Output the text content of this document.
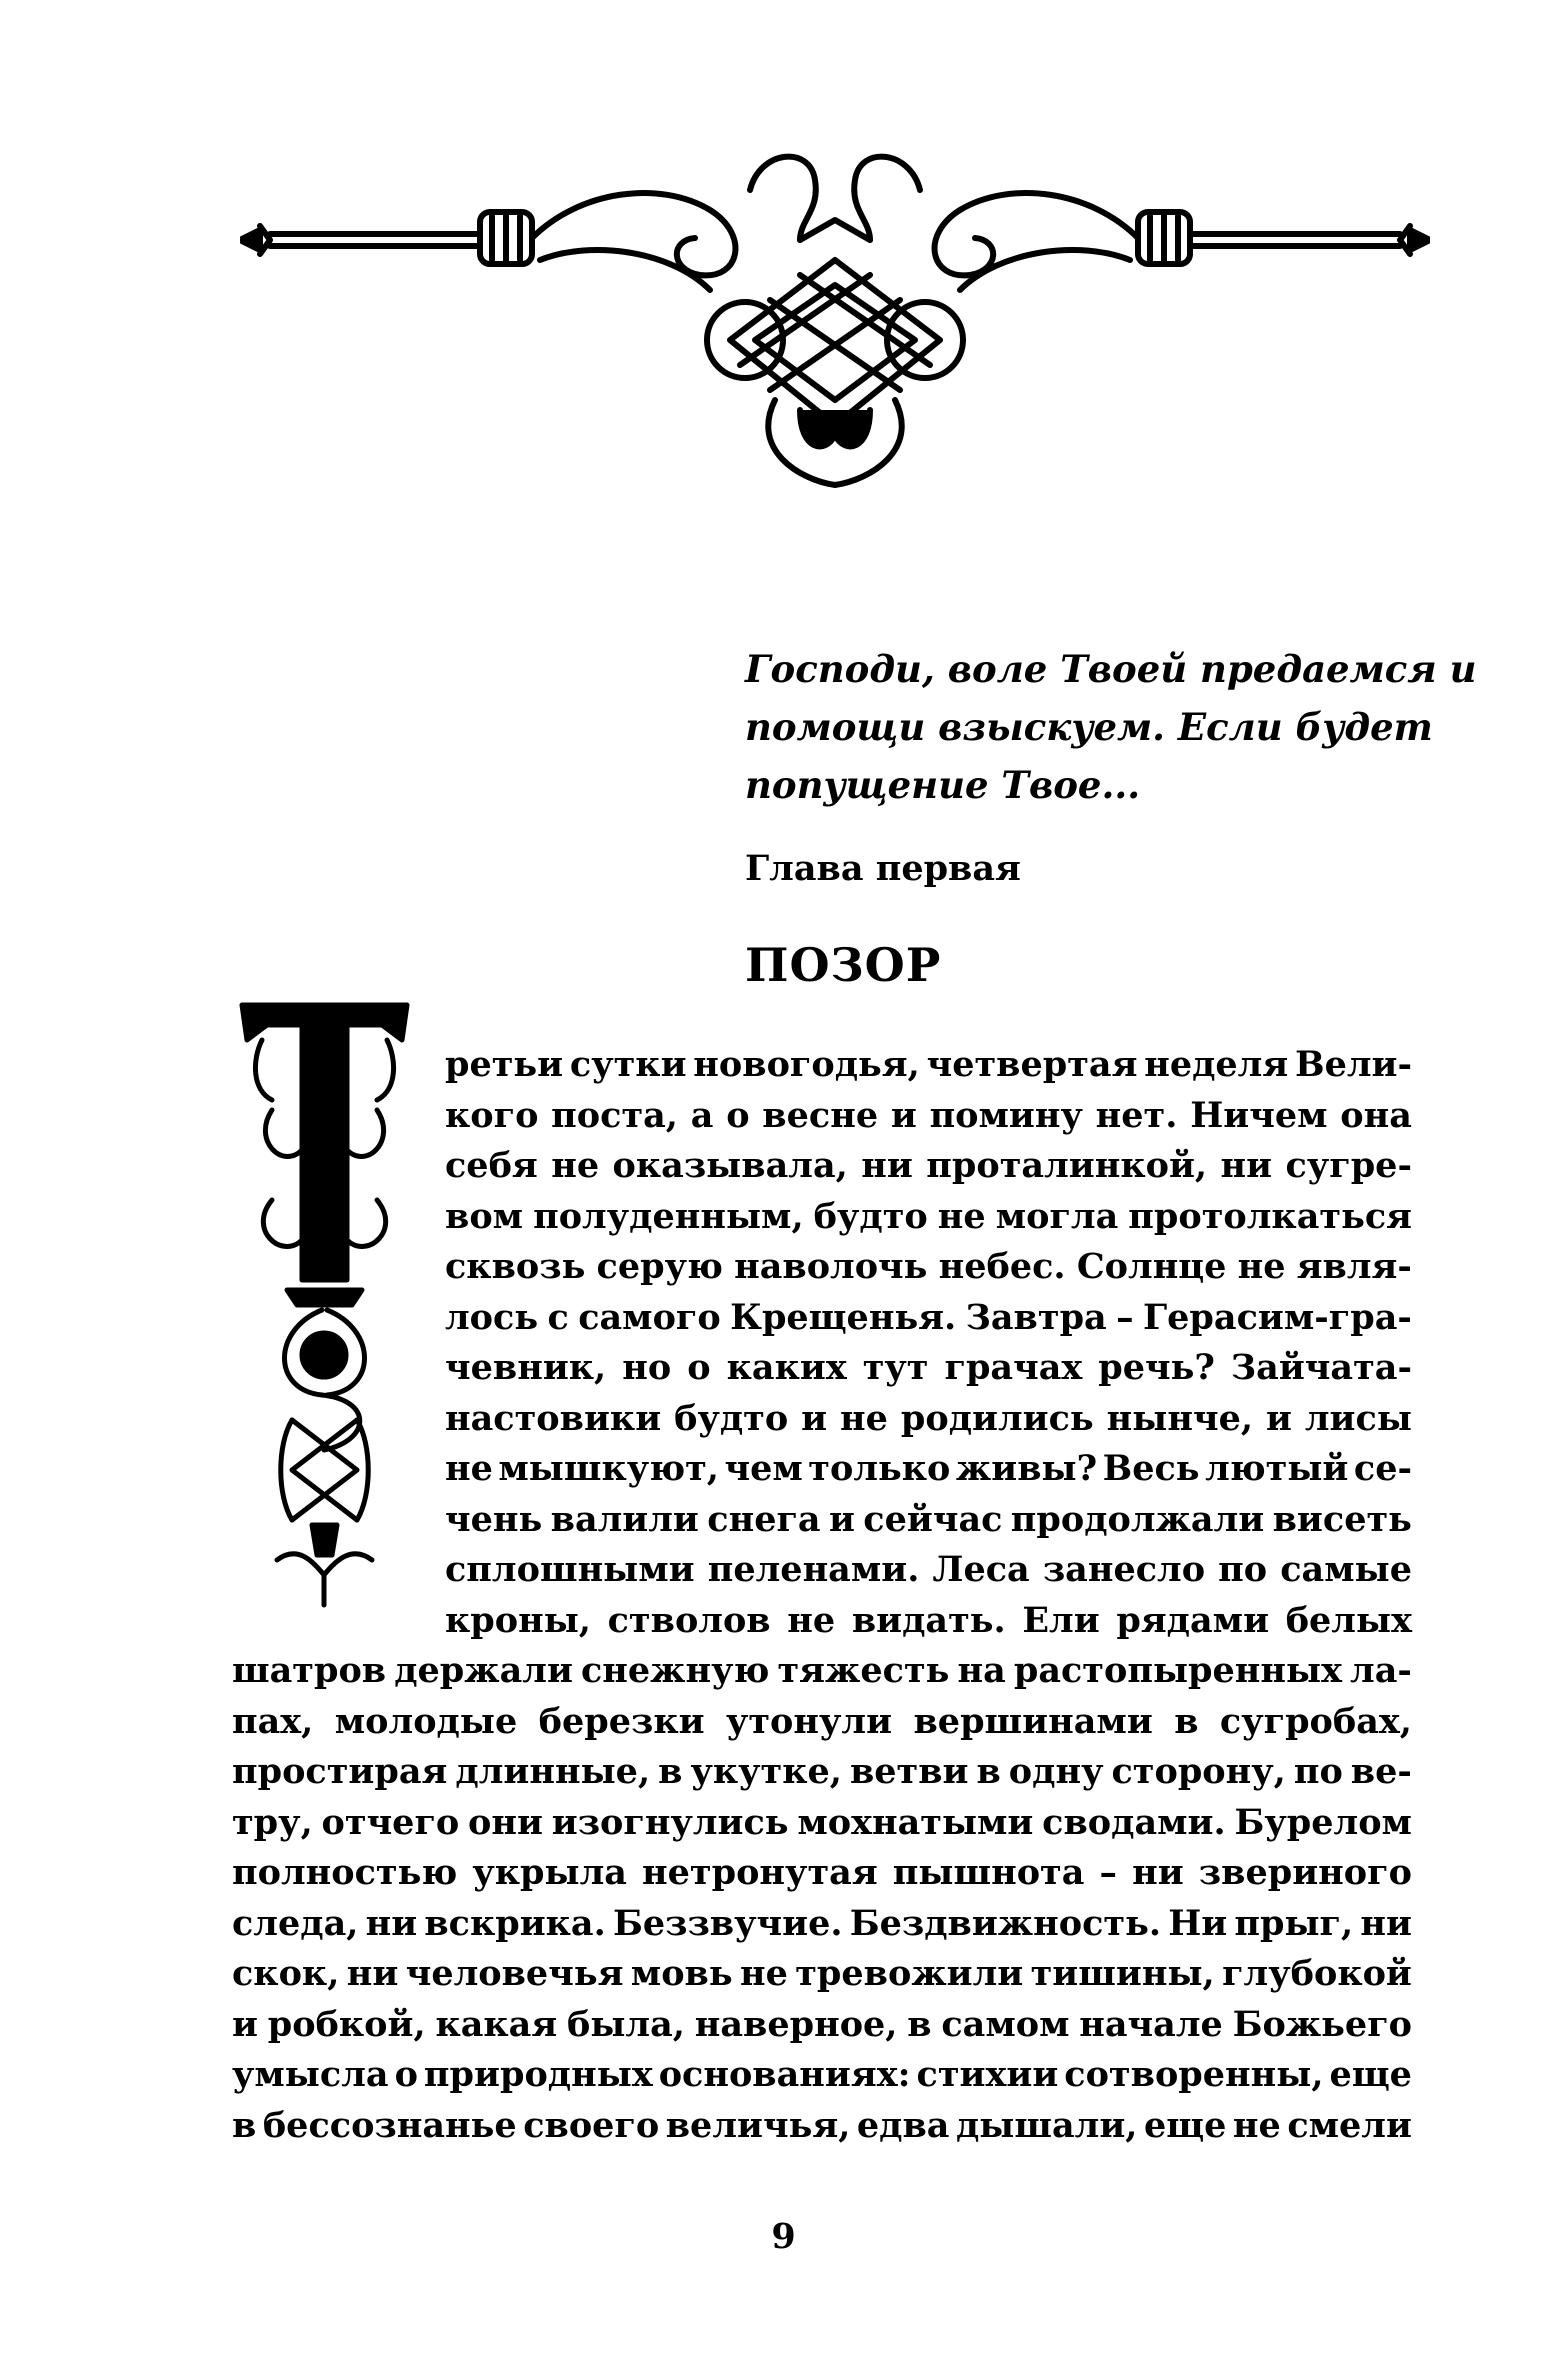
Господи, воле Твоей предаемся и
помощи взыскуем. Если будет
попущение Твое...

Глава первая

ПОЗОР

ретьи сутки новогодья, четвертая неделя Вели-
кого поста, а о весне и помину нет. Ничем она
себя не оказывала, ни проталинкой, ни сугре-
вом полуденным, будто не могла протолкаться
сквозь серую наволочь небес. Солнце не явля-
лось с самого Крещенья. Завтра – Герасим-гра-
чевник, но о каких тут грачах речь? Зайчата-
настовики будто и не родились нынче, и лисы
не мышкуют, чем только живы? Весь лютый се-
чень валили снега и сейчас продолжали висеть
сплошными пеленами. Леса занесло по самые
кроны, стволов не видать. Ели рядами белых
шатров держали снежную тяжесть на растопыренных ла-
пах, молодые березки утонули вершинами в сугробах,
простирая длинные, в укутке, ветви в одну сторону, по ве-
тру, отчего они изогнулись мохнатыми сводами. Бурелом
полностью укрыла нетронутая пышнота – ни звериного
следа, ни вскрика. Беззвучие. Бездвижность. Ни прыг, ни
скок, ни человечья мовь не тревожили тишины, глубокой
и робкой, какая была, наверное, в самом начале Божьего
умысла о природных основаниях: стихии сотворенны, еще
в бессознанье своего величья, едва дышали, еще не смели

9
